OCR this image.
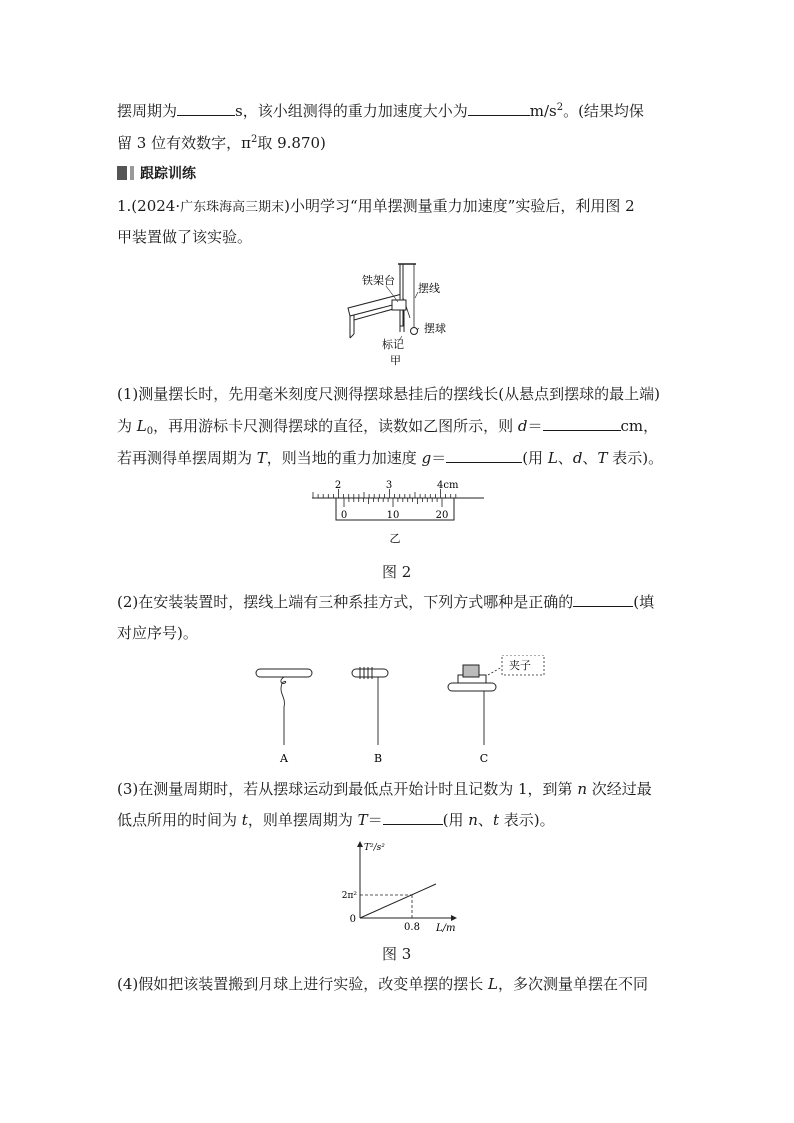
摆周期为	s，该小组测得的重力加速度大小为	$m/s^2$。(结果均保
留 3 位有效数字，$\pi^2$取 9.870)
跟踪训练
1.(2024·广东珠海高三期末)小明学习“用单摆测量重力加速度”实验后，利用图 2
甲装置做了该实验。
铁架台
摆线
摆球
标记
甲
(1)测量摆长时，先用毫米刻度尺测得摆球悬挂后的摆线长(从悬点到摆球的最上端)
为 $L_0$，再用游标卡尺测得摆球的直径，读数如乙图所示，则 d＝	cm，
若再测得单摆周期为 T，则当地的重力加速度 g＝	(用 L、d、T 表示)。
2	3	4cm
0	10	20
乙
图 2
(2)在安装装置时，摆线上端有三种系挂方式，下列方式哪种是正确的	(填
对应序号)。
夹子
A	B	C
(3)在测量周期时，若从摆球运动到最低点开始计时且记数为 1，到第 n 次经过最
低点所用的时间为 t，则单摆周期为 T＝	(用 n、t 表示)。
T²/s²
L/m
2π²
0.8
0
图 3
(4)假如把该装置搬到月球上进行实验，改变单摆的摆长 L，多次测量单摆在不同
